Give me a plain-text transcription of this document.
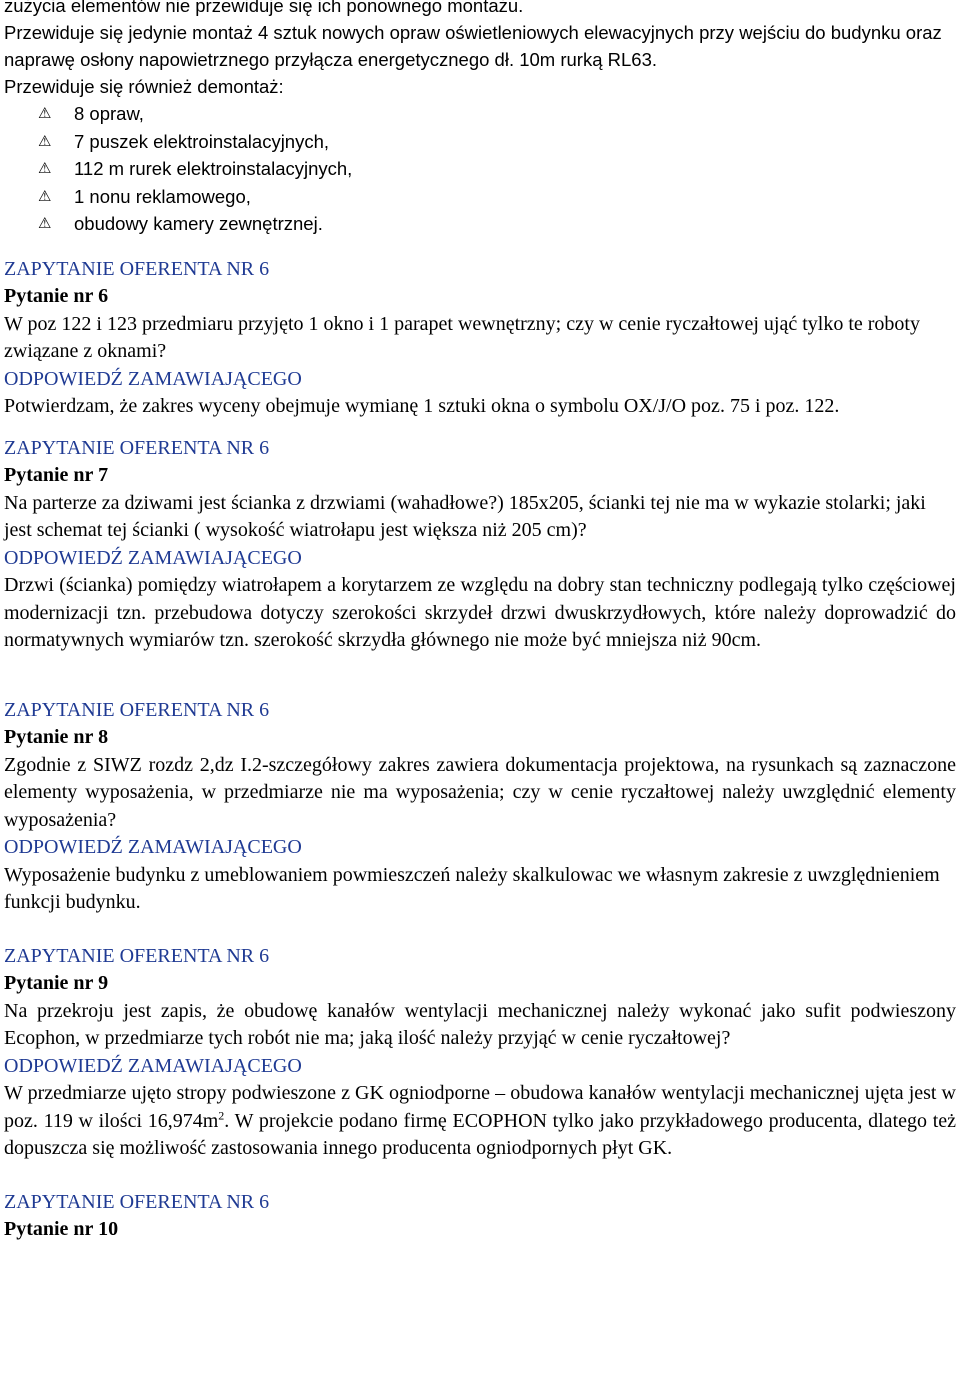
zużycia elementów nie przewiduje się ich ponownego montażu.

Przewiduje się jedynie montaż 4 sztuk nowych opraw oświetleniowych elewacyjnych przy wejściu do budynku oraz naprawę osłony napowietrznego przyłącza energetycznego dł. 10m rurką RL63.

Przewiduje się również demontaż:

⚠ 8 opraw,
⚠ 7 puszek elektroinstalacyjnych,
⚠ 112 m rurek elektroinstalacyjnych,
⚠ 1 nonu reklamowego,
⚠ obudowy kamery zewnętrznej.

ZAPYTANIE OFERENTA NR 6

Pytanie nr 6

W poz 122 i 123 przedmiaru przyjęto 1 okno i 1 parapet wewnętrzny; czy w cenie ryczałtowej ująć tylko te roboty związane z oknami?

ODPOWIEDŹ ZAMAWIAJĄCEGO

Potwierdzam, że zakres wyceny obejmuje wymianę 1 sztuki okna o symbolu OX/J/O poz. 75 i poz. 122.

ZAPYTANIE OFERENTA NR 6

Pytanie nr 7

Na parterze za dziwami jest ścianka z drzwiami (wahadłowe?) 185x205, ścianki tej nie ma w wykazie stolarki; jaki jest schemat tej ścianki ( wysokość wiatrołapu jest większa niż 205 cm)?

ODPOWIEDŹ ZAMAWIAJĄCEGO

Drzwi (ścianka) pomiędzy wiatrołapem a korytarzem ze względu na dobry stan techniczny podlegają tylko częściowej modernizacji tzn. przebudowa dotyczy szerokości skrzydeł drzwi dwuskrzydłowych, które należy doprowadzić do normatywnych wymiarów tzn. szerokość skrzydła głównego nie może być mniejsza niż 90cm.

ZAPYTANIE OFERENTA NR 6

Pytanie nr 8

Zgodnie z SIWZ rozdz 2,dz I.2-szczegółowy zakres zawiera dokumentacja projektowa, na rysunkach są zaznaczone elementy wyposażenia, w przedmiarze nie ma wyposażenia; czy w cenie ryczałtowej należy uwzględnić elementy wyposażenia?

ODPOWIEDŹ ZAMAWIAJĄCEGO

Wyposażenie budynku z umeblowaniem powmieszczeń należy skalkulowac we własnym zakresie z uwzględnieniem funkcji budynku.

ZAPYTANIE OFERENTA NR 6

Pytanie nr 9

Na przekroju jest zapis, że obudowę kanałów wentylacji mechanicznej należy wykonać jako sufit podwieszony Ecophon, w przedmiarze tych robót nie ma; jaką ilość należy przyjąć w cenie ryczałtowej?

ODPOWIEDŹ ZAMAWIAJĄCEGO

W przedmiarze ujęto stropy podwieszone z GK ogniodporne – obudowa kanałów wentylacji mechanicznej ujęta jest w poz. 119 w ilości $16,974m^2$. W projekcie podano firmę ECOPHON tylko jako przykładowego producenta, dlatego też dopuszcza się możliwość zastosowania innego producenta ogniodpornych płyt GK.

ZAPYTANIE OFERENTA NR 6

Pytanie nr 10
